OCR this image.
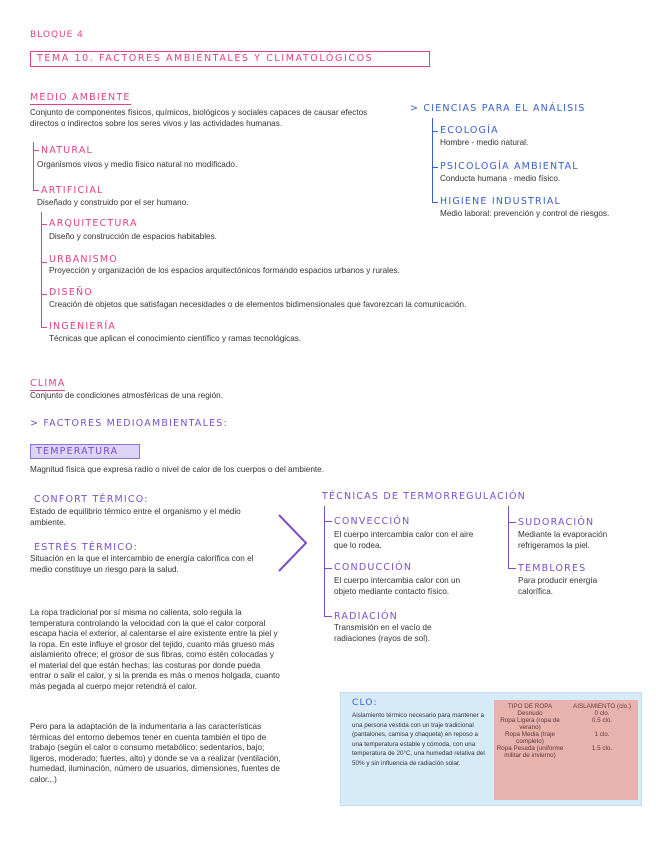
BLOQUE 4
TEMA 10. FACTORES AMBIENTALES Y CLIMATOLÓGICOS
MEDIO AMBIENTE
Conjunto de componentes físicos, químicos, biológicos y sociales capaces de causar efectos directos o indirectos sobre los seres vivos y las actividades humanas.
NATURAL
Organismos vivos y medio físico natural no modificado.
ARTIFICIAL
Diseñado y construido por el ser humano.
ARQUITECTURA
Diseño y construcción de espacios habitables.
URBANISMO
Proyección y organización de los espacios arquitectónicos formando espacios urbanos y rurales.
DISEÑO
Creación de objetos que satisfagan necesidades o de elementos bidimensionales que favorezcan la comunicación.
INGENIERÍA
Técnicas que aplican el conocimiento científico y ramas tecnológicas.
> CIENCIAS PARA EL ANÁLISIS
ECOLOGÍA
Hombre - medio natural.
PSICOLOGÍA AMBIENTAL
Conducta humana - medio físico.
HIGIENE INDUSTRIAL
Medio laboral: prevención y control de riesgos.
CLIMA
Conjunto de condiciones atmosféricas de una región.
> FACTORES MEDIOAMBIENTALES:
TEMPERATURA
Magnitud física que expresa radio o nivel de calor de los cuerpos o del ambiente.
CONFORT TÉRMICO:
Estado de equilibrio térmico entre el organismo y el medio ambiente.
ESTRÉS TÉRMICO:
Situación en la que el intercambio de energía calorífica con el medio constituye un riesgo para la salud.
TÉCNICAS DE TERMORREGULACIÓN
CONVECCIÓN
El cuerpo intercambia calor con el aire que lo rodea.
CONDUCCIÓN
El cuerpo intercambia calor con un objeto mediante contacto físico.
RADIACIÓN
Transmisión en el vacío de radiaciones (rayos de sol).
SUDORACIÓN
Mediante la evaporación refrigeramos la piel.
TEMBLORES
Para producir energía calorífica.
La ropa tradicional por sí misma no calienta, solo regula la temperatura controlando la velocidad con la que el calor corporal escapa hacia el exterior, al calentarse el aire existente entre la piel y la ropa. En este influye el grosor del tejido, cuanto más grueso más aislamiento ofrece; el grosor de sus fibras, como estén colocadas y el material del que están hechas; las costuras por donde pueda entrar o salir el calor, y si la prenda es más o menos holgada, cuanto más pegada al cuerpo mejor retendrá el calor.
Pero para la adaptación de la indumentaria a las características térmicas del entorno debemos tener en cuenta también el tipo de trabajo (según el calor o consumo metabólico: sedentarios, bajo; ligeros, moderado; fuertes, alto) y donde se va a realizar (ventilación, humedad, iluminación, número de usuarios, dimensiones, fuentes de calor...)
CLO:
Aislamiento térmico necesario para mantener a una persona vestida con un traje tradicional (pantalones, camisa y chaqueta) en reposo a una temperatura estable y cómoda, con una temperatura de 20°C, una humedad relativa del 50% y sin influencia de radiación solar.
TIPO DE ROPA	AISLAMIENTO (clo.)
Desnudo	0 clo.
Ropa Ligera (ropa de verano)	0.5 clo.
Ropa Media (traje completo)	1 clo.
Ropa Pesada (uniforme militar de invierno)	1.5 clo.
